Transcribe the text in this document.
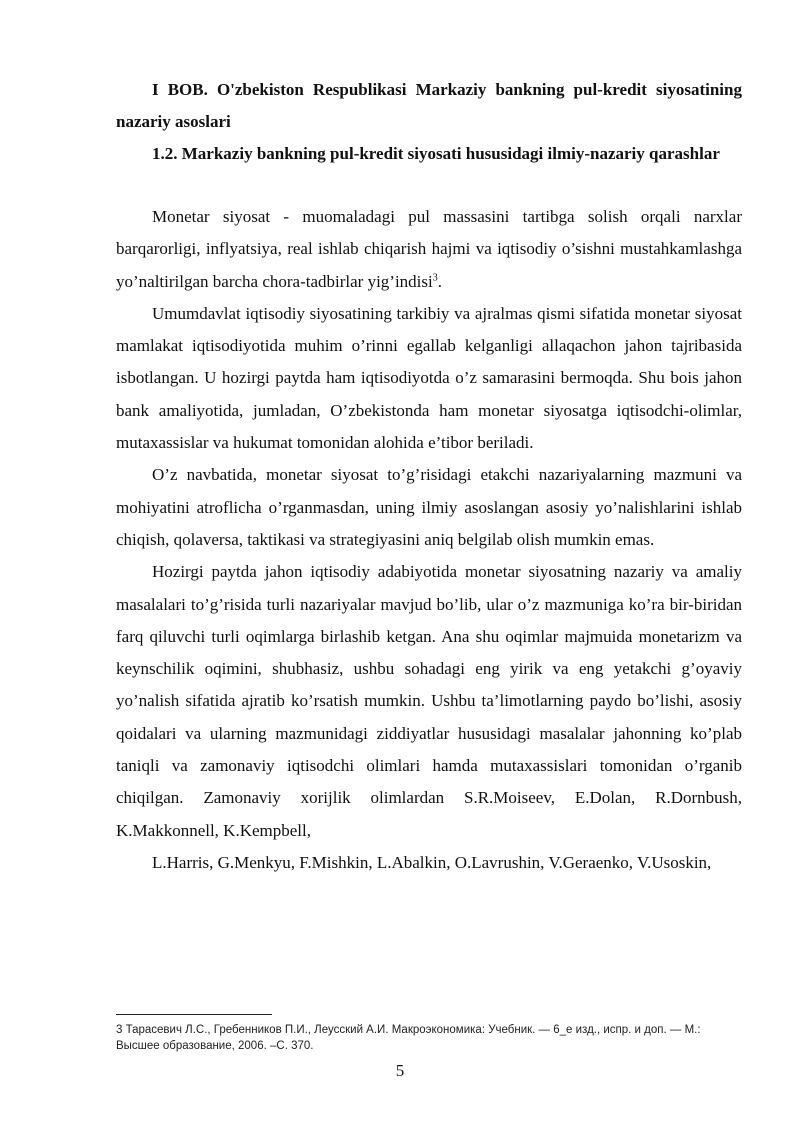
I BOB. O'zbekiston Respublikasi Markaziy bankning pul-kredit siyosatining nazariy asoslari

1.2. Markaziy bankning pul-kredit siyosati hususidagi ilmiy-nazariy qarashlar

Monetar siyosat - muomaladagi pul massasini tartibga solish orqali narxlar barqarorligi, inflyatsiya, real ishlab chiqarish hajmi va iqtisodiy o’sishni mustahkamlashga yo’naltirilgan barcha chora-tadbirlar yig’indisi$^3$.

Umumdavlat iqtisodiy siyosatining tarkibiy va ajralmas qismi sifatida monetar siyosat mamlakat iqtisodiyotida muhim o’rinni egallab kelganligi allaqachon jahon tajribasida isbotlangan. U hozirgi paytda ham iqtisodiyotda o’z samarasini bermoqda. Shu bois jahon bank amaliyotida, jumladan, O’zbekistonda ham monetar siyosatga iqtisodchi-olimlar, mutaxassislar va hukumat tomonidan alohida e’tibor beriladi.

O’z navbatida, monetar siyosat to’g’risidagi etakchi nazariyalarning mazmuni va mohiyatini atroflicha o’rganmasdan, uning ilmiy asoslangan asosiy yo’nalishlarini ishlab chiqish, qolaversa, taktikasi va strategiyasini aniq belgilab olish mumkin emas.

Hozirgi paytda jahon iqtisodiy adabiyotida monetar siyosatning nazariy va amaliy masalalari to’g’risida turli nazariyalar mavjud bo’lib, ular o’z mazmuniga ko’ra bir-biridan farq qiluvchi turli oqimlarga birlashib ketgan. Ana shu oqimlar majmuida monetarizm va keynschilik oqimini, shubhasiz, ushbu sohadagi eng yirik va eng yetakchi g’oyaviy yo’nalish sifatida ajratib ko’rsatish mumkin. Ushbu ta’limotlarning paydo bo’lishi, asosiy qoidalari va ularning mazmunidagi ziddiyatlar hususidagi masalalar jahonning ko’plab taniqli va zamonaviy iqtisodchi olimlari hamda mutaxassislari tomonidan o’rganib chiqilgan. Zamonaviy xorijlik olimlardan S.R.Moiseev, E.Dolan, R.Dornbush, K.Makkonnell, K.Kempbell,

L.Harris, G.Menkyu, F.Mishkin, L.Abalkin, O.Lavrushin, V.Geraenko, V.Usoskin,

3 Тарасевич Л.С., Гребенников П.И., Леусский А.И. Макроэкономика: Учебник. — 6_е изд., испр. и доп. — М.: Высшее образование, 2006. –С. 370.
5
